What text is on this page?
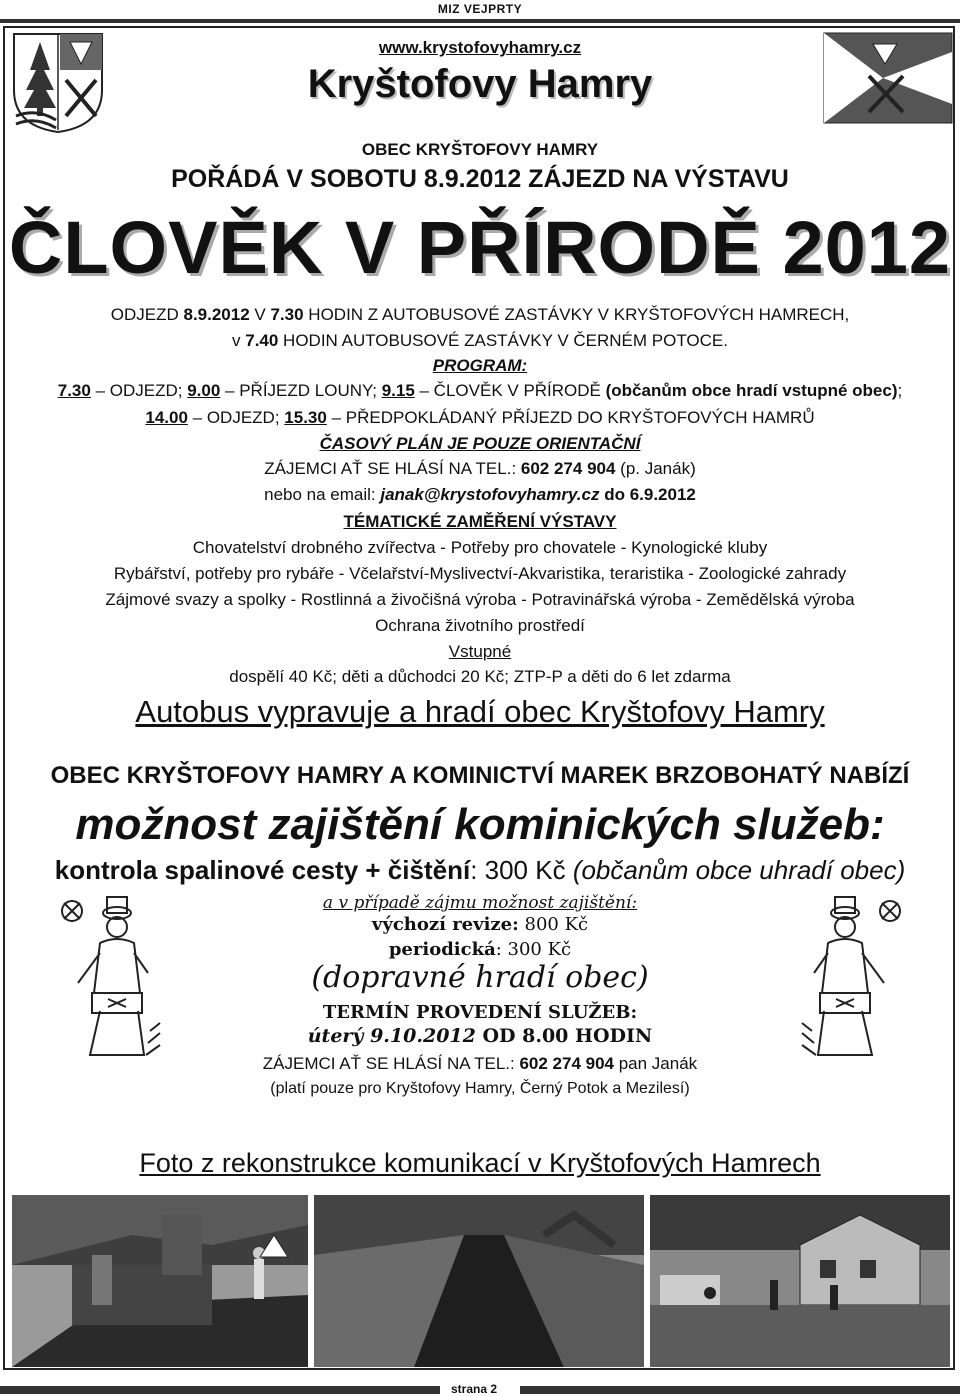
MIZ VEJPRTY
www.krystofovyhamry.cz
Kryštofovy Hamry
OBEC KRYŠTOFOVY HAMRY
POŘÁDÁ V SOBOTU 8.9.2012 ZÁJEZD NA VÝSTAVU
ČLOVĚK V PŘÍRODĚ 2012
ODJEZD 8.9.2012 V 7.30 HODIN Z AUTOBUSOVÉ ZASTÁVKY V KRYŠTOFOVÝCH HAMRECH,
v 7.40 HODIN AUTOBUSOVÉ ZASTÁVKY V ČERNÉM POTOCE.
PROGRAM:
7.30 – ODJEZD; 9.00 – PŘÍJEZD LOUNY; 9.15 – ČLOVĚK V PŘÍRODĚ (občanům obce hradí vstupné obec);
14.00 – ODJEZD; 15.30 – PŘEDPOKLÁDANÝ PŘÍJEZD DO KRYŠTOFOVÝCH HAMRŮ
ČASOVÝ PLÁN JE POUZE ORIENTAČNÍ
ZÁJEMCI AŤ SE HLÁSÍ NA TEL.: 602 274 904 (p. Janák)
nebo na email: janak@krystofovyhamry.cz do 6.9.2012
TÉMATICKÉ ZAMĚŘENÍ VÝSTAVY
Chovatelství drobného zvířectva - Potřeby pro chovatele - Kynologické kluby
Rybářství, potřeby pro rybáře - Včelařství-Myslivectví-Akvaristika, teraristika - Zoologické zahrady
Zájmové svazy a spolky - Rostlinná a živočišná výroba - Potravinářská výroba - Zemědělská výroba
Ochrana životního prostředí
Vstupné
dospělí 40 Kč; děti a důchodci 20 Kč; ZTP-P a děti do 6 let zdarma
Autobus vypravuje a hradí obec Kryštofovy Hamry
OBEC KRYŠTOFOVY HAMRY A KOMINICTVÍ MAREK BRZOBOHATÝ NABÍZÍ
možnost zajištění kominických služeb:
kontrola spalinové cesty + čištění: 300 Kč (občanům obce uhradí obec)
a v případě zájmu možnost zajištění:
výchozí revize: 800 Kč
periodická: 300 Kč
(dopravné hradí obec)
TERMÍN PROVEDENÍ SLUŽEB:
úterý 9.10.2012 OD 8.00 HODIN
ZÁJEMCI AŤ SE HLÁSÍ NA TEL.: 602 274 904 pan Janák
(platí pouze pro Kryštofovy Hamry, Černý Potok a Mezilesí)
Foto z rekonstrukce komunikací v Kryštofových Hamrech
strana 2
